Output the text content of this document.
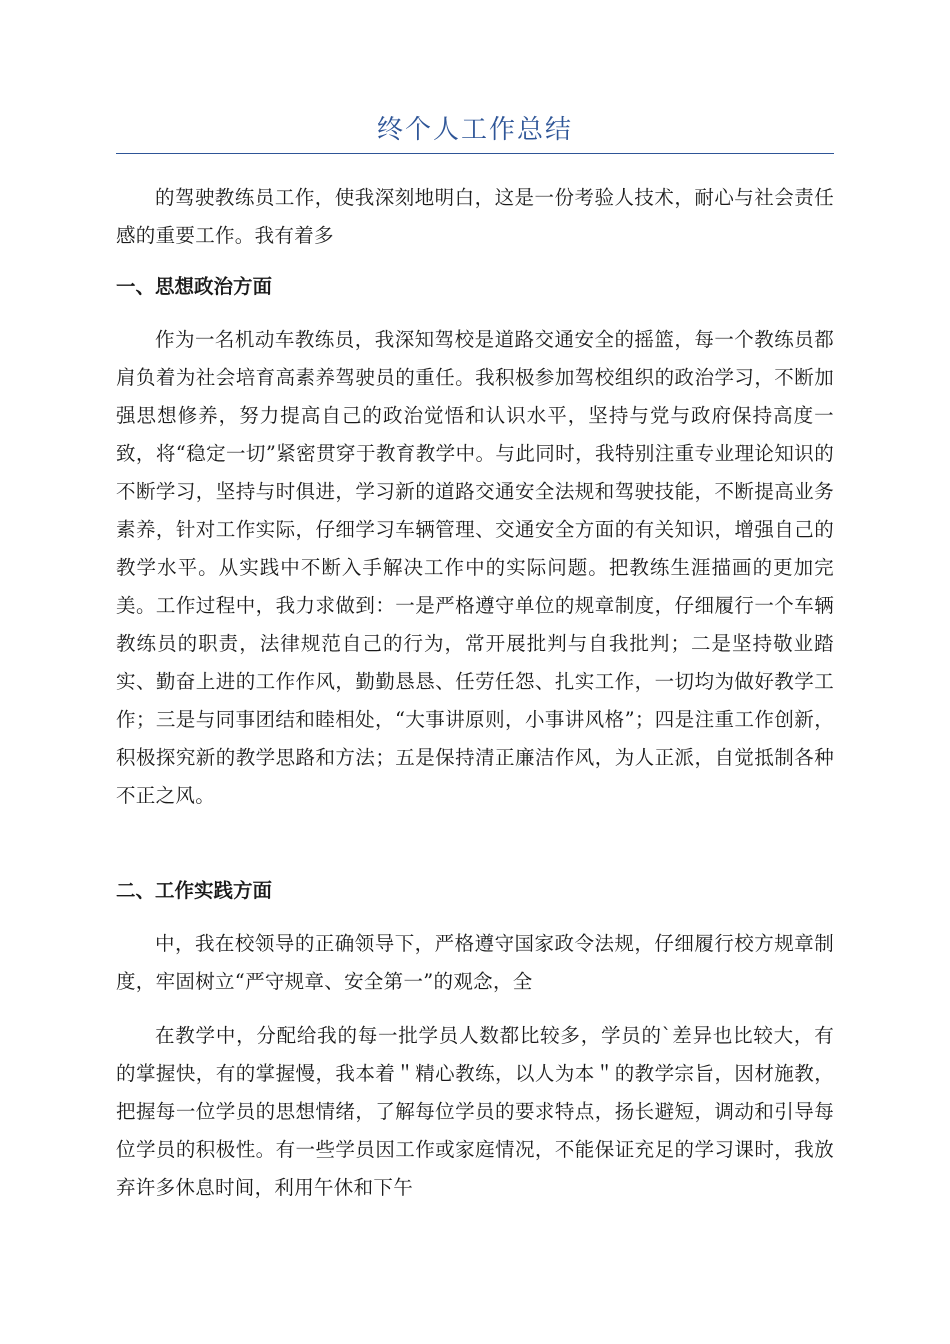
终个人工作总结

的驾驶教练员工作，使我深刻地明白，这是一份考验人技术，耐心与社会责任感的重要工作。我有着多

一、思想政治方面

作为一名机动车教练员，我深知驾校是道路交通安全的摇篮，每一个教练员都肩负着为社会培育高素养驾驶员的重任。我积极参加驾校组织的政治学习，不断加强思想修养，努力提高自己的政治觉悟和认识水平，坚持与党与政府保持高度一致，将“稳定一切”紧密贯穿于教育教学中。与此同时，我特别注重专业理论知识的不断学习，坚持与时俱进，学习新的道路交通安全法规和驾驶技能，不断提高业务素养，针对工作实际，仔细学习车辆管理、交通安全方面的有关知识，增强自己的教学水平。从实践中不断入手解决工作中的实际问题。把教练生涯描画的更加完美。工作过程中，我力求做到：一是严格遵守单位的规章制度，仔细履行一个车辆教练员的职责，法律规范自己的行为，常开展批判与自我批判；二是坚持敬业踏实、勤奋上进的工作作风，勤勤恳恳、任劳任怨、扎实工作，一切均为做好教学工作；三是与同事团结和睦相处，“大事讲原则，小事讲风格”；四是注重工作创新，积极探究新的教学思路和方法；五是保持清正廉洁作风，为人正派，自觉抵制各种不正之风。

二、工作实践方面

中，我在校领导的正确领导下，严格遵守国家政令法规，仔细履行校方规章制度，牢固树立“严守规章、安全第一”的观念，全

在教学中，分配给我的每一批学员人数都比较多，学员的`差异也比较大，有的掌握快，有的掌握慢，我本着＂精心教练，以人为本＂的教学宗旨，因材施教，把握每一位学员的思想情绪，了解每位学员的要求特点，扬长避短，调动和引导每位学员的积极性。有一些学员因工作或家庭情况，不能保证充足的学习课时，我放弃许多休息时间，利用午休和下午
